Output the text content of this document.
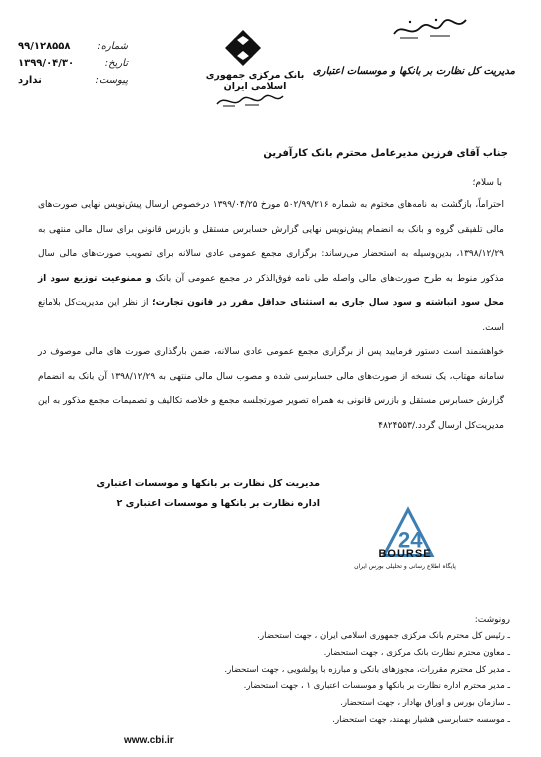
شماره:
۹۹/۱۲۸۵۵۸
تاریخ:
۱۳۹۹/۰۴/۳۰
پیوست:
ندارد	بانک مرکزی جمهوری اسلامی ایران
مدیریت کل نظارت بر بانکها و موسسات اعتباری
جناب آقای فرزین مدیرعامل محترم بانک کارآفرین
با سلام؛
احتراماً، بازگشت به نامه‌های مختوم به شماره ۵۰۲/۹۹/۲۱۶ مورخ ۱۳۹۹/۰۴/۲۵ درخصوص ارسال پیش‌نویس نهایی صورت‌های مالی تلفیقی گروه و بانک به انضمام پیش‌نویس نهایی گزارش حسابرس مستقل و بازرس قانونی برای سال مالی منتهی به ۱۳۹۸/۱۲/۲۹، بدین‌وسیله به استحضار می‌رساند: برگزاری مجمع عمومی عادی سالانه برای تصویب صورت‌های مالی سال مذکور منوط به طرح صورت‌های مالی واصله طی نامه فوق‌الذکر در مجمع عمومی آن بانک و ممنوعیت توزیع سود از محل سود انباشته و سود سال جاری به استثنای حداقل مقرر در قانون تجارت؛ از نظر این مدیریت‌کل بلامانع است.
خواهشمند است دستور فرمایید پس از برگزاری مجمع عمومی عادی سالانه، ضمن بارگذاری صورت های مالی موصوف در سامانه مهتاب، یک نسخه از صورت‌های مالی حسابرسی شده و مصوب سال مالی منتهی به ۱۳۹۸/۱۲/۲۹ آن بانک به انضمام گزارش حسابرس مستقل و بازرس قانونی به همراه تصویر صورتجلسه مجمع و خلاصه تکالیف و تصمیمات مجمع مذکور به این مدیریت‌کل ارسال گردد./۴۸۲۴۵۵۳
مدیریت کل نظارت بر بانکها و موسسات اعتباری
اداره نظارت بر بانکها و موسسات اعتباری ۲
24
BOURSE
پایگاه اطلاع رسانی و تحلیلی بورس ایران
رونوشت:
ـ رئیس کل محترم بانک مرکزی جمهوری اسلامی ایران ، جهت استحضار.
ـ معاون محترم نظارت بانک مرکزی ، جهت استحضار.
ـ مدیر کل محترم مقررات، مجوزهای بانکی و مبارزه با پولشویی ، جهت استحضار.
ـ مدیر محترم اداره نظارت بر بانکها و موسسات اعتباری ۱ ، جهت استحضار.
ـ سازمان بورس و اوراق بهادار ، جهت استحضار.
ـ موسسه حسابرسی هشیار بهمند، جهت استحضار.
www.cbi.ir
